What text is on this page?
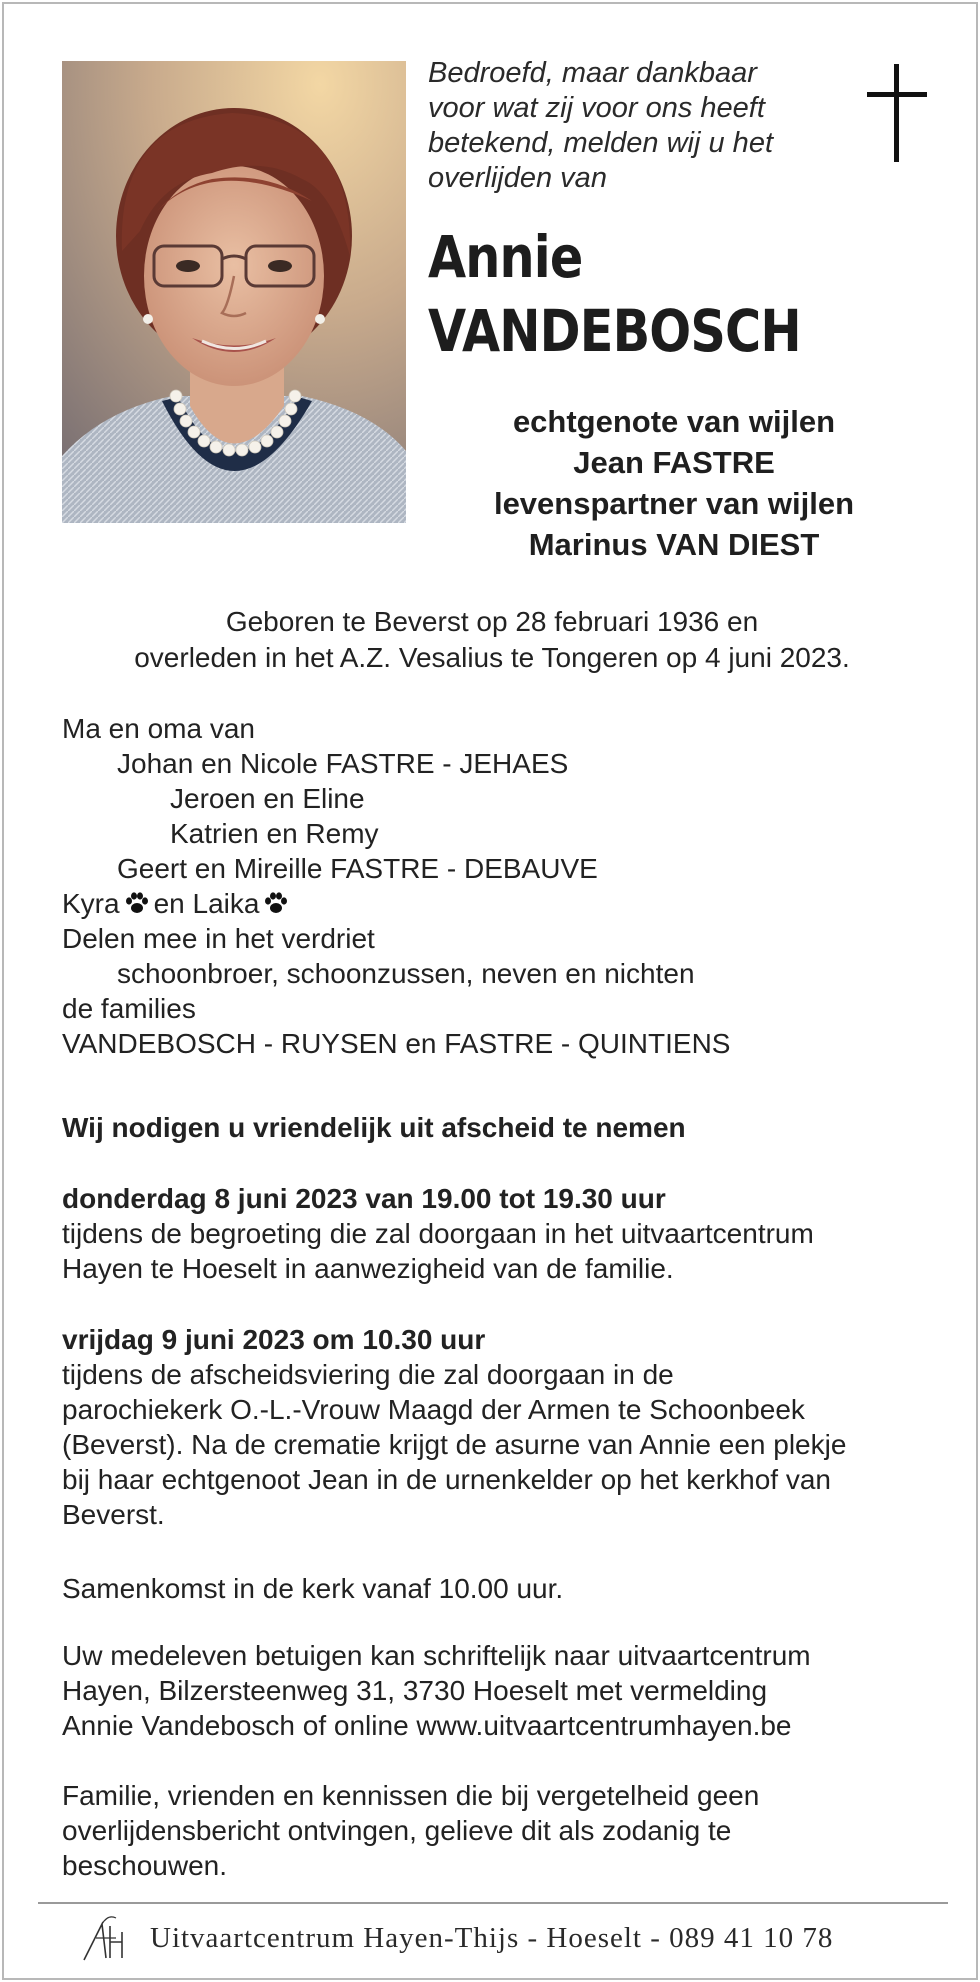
Bedroefd, maar dankbaar
voor wat zij voor ons heeft
betekend, melden wij u het
overlijden van
Annie
VANDEBOSCH
echtgenote van wijlen
Jean FASTRE
levenspartner van wijlen
Marinus VAN DIEST
Geboren te Beverst op 28 februari 1936 en
overleden in het A.Z. Vesalius te Tongeren op 4 juni 2023.
Ma en oma van
Johan en Nicole FASTRE - JEHAES
Jeroen en Eline
Katrien en Remy
Geert en Mireille FASTRE - DEBAUVE
Kyra en Laika
Delen mee in het verdriet
schoonbroer, schoonzussen, neven en nichten
de families
VANDEBOSCH - RUYSEN en FASTRE - QUINTIENS
Wij nodigen u vriendelijk uit afscheid te nemen
donderdag 8 juni 2023 van 19.00 tot 19.30 uur
tijdens de begroeting die zal doorgaan in het uitvaartcentrum
Hayen te Hoeselt in aanwezigheid van de familie.
vrijdag 9 juni 2023 om 10.30 uur
tijdens de afscheidsviering die zal doorgaan in de
parochiekerk O.-L.-Vrouw Maagd der Armen te Schoonbeek
(Beverst). Na de crematie krijgt de asurne van Annie een plekje
bij haar echtgenoot Jean in de urnenkelder op het kerkhof van
Beverst.
Samenkomst in de kerk vanaf 10.00 uur.
Uw medeleven betuigen kan schriftelijk naar uitvaartcentrum
Hayen, Bilzersteenweg 31, 3730 Hoeselt met vermelding
Annie Vandebosch of online www.uitvaartcentrumhayen.be
Familie, vrienden en kennissen die bij vergetelheid geen
overlijdensbericht ontvingen, gelieve dit als zodanig te
beschouwen.
Uitvaartcentrum Hayen-Thijs - Hoeselt - 089 41 10 78
